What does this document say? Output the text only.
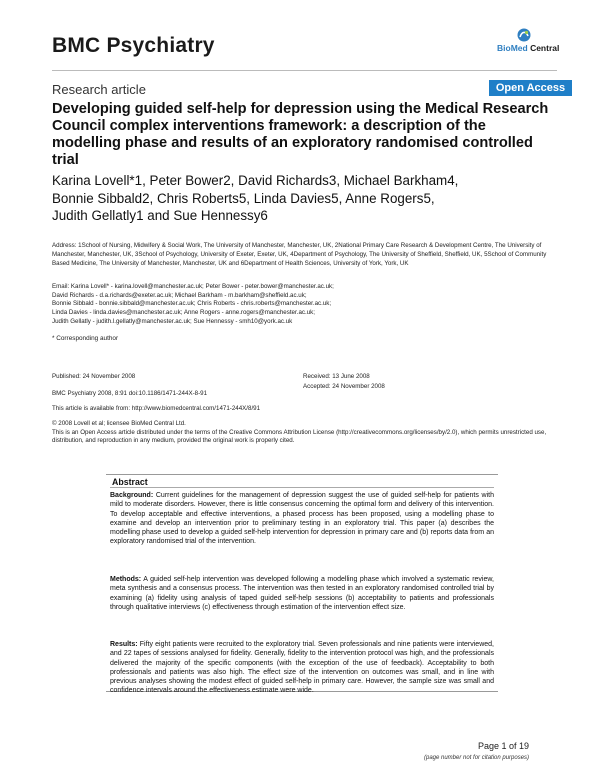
BMC Psychiatry	BioMed Central
Research article	Open Access
Developing guided self-help for depression using the Medical Research Council complex interventions framework: a description of the modelling phase and results of an exploratory randomised controlled trial
Karina Lovell*1, Peter Bower2, David Richards3, Michael Barkham4,
Bonnie Sibbald2, Chris Roberts5, Linda Davies5, Anne Rogers5,
Judith Gellatly1 and Sue Hennessy6
Address: 1School of Nursing, Midwifery & Social Work, The University of Manchester, Manchester, UK, 2National Primary Care Research & Development Centre, The University of Manchester, Manchester, UK, 3School of Psychology, University of Exeter, Exeter, UK, 4Department of Psychology, The University of Sheffield, Sheffield, UK, 5School of Community Based Medicine, The University of Manchester, Manchester, UK and 6Department of Health Sciences, University of York, York, UK
Email: Karina Lovell* - karina.lovell@manchester.ac.uk; Peter Bower - peter.bower@manchester.ac.uk;
David Richards - d.a.richards@exeter.ac.uk; Michael Barkham - m.barkham@sheffield.ac.uk;
Bonnie Sibbald - bonnie.sibbald@manchester.ac.uk; Chris Roberts - chris.roberts@manchester.ac.uk;
Linda Davies - linda.davies@manchester.ac.uk; Anne Rogers - anne.rogers@manchester.ac.uk;
Judith Gellatly - judith.l.gellatly@manchester.ac.uk; Sue Hennessy - smh10@york.ac.uk
* Corresponding author
Published: 24 November 2008
BMC Psychiatry 2008, 8:91 doi:10.1186/1471-244X-8-91
Received: 13 June 2008
Accepted: 24 November 2008
This article is available from: http://www.biomedcentral.com/1471-244X/8/91
© 2008 Lovell et al; licensee BioMed Central Ltd.
This is an Open Access article distributed under the terms of the Creative Commons Attribution License (http://creativecommons.org/licenses/by/2.0), which permits unrestricted use, distribution, and reproduction in any medium, provided the original work is properly cited.
Abstract
Background: Current guidelines for the management of depression suggest the use of guided self-help for patients with mild to moderate disorders. However, there is little consensus concerning the optimal form and delivery of this intervention. To develop acceptable and effective interventions, a phased process has been proposed, using a modelling phase to examine and develop an intervention prior to preliminary testing in an exploratory trial. This paper (a) describes the modelling phase used to develop a guided self-help intervention for depression in primary care and (b) reports data from an exploratory randomised trial of the intervention.
Methods: A guided self-help intervention was developed following a modelling phase which involved a systematic review, meta synthesis and a consensus process. The intervention was then tested in an exploratory randomised controlled trial by examining (a) fidelity using analysis of taped guided self-help sessions (b) acceptability to patients and professionals through qualitative interviews (c) effectiveness through estimation of the intervention effect size.
Results: Fifty eight patients were recruited to the exploratory trial. Seven professionals and nine patients were interviewed, and 22 tapes of sessions analysed for fidelity. Generally, fidelity to the intervention protocol was high, and the professionals delivered the majority of the specific components (with the exception of the use of feedback). Acceptability to both professionals and patients was also high. The effect size of the intervention on outcomes was small, and in line with previous analyses showing the modest effect of guided self-help in primary care. However, the sample size was small and confidence intervals around the effectiveness estimate were wide.
Page 1 of 19
(page number not for citation purposes)
